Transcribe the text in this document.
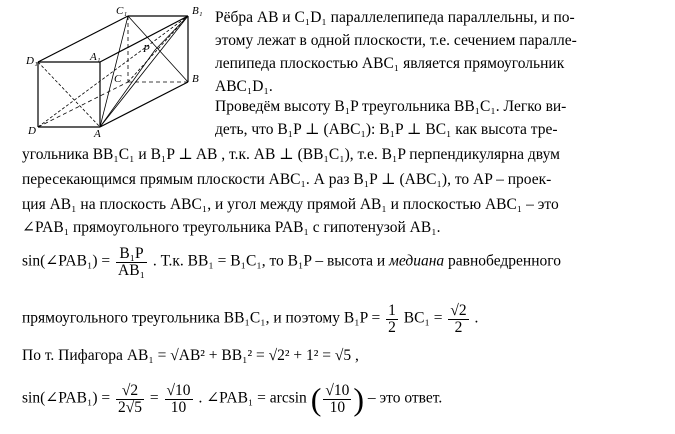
C₁	B₁
D₁	A₁
P
B
C
D	A
Рёбра AB и C₁D₁ параллелепипеда параллельны, и по-
этому лежат в одной плоскости, т.е. сечением паралле-
лепипеда плоскостью ABC₁ является прямоугольник
ABC₁D₁.
Проведём высоту B₁P треугольника BB₁C₁. Легко ви-
деть, что B₁P ⊥ (ABC₁): B₁P ⊥ BC₁ как высота тре-
угольника BB₁C₁ и B₁P ⊥ AB , т.к. AB ⊥ (BB₁C₁), т.е. B₁P перпендикулярна двум
пересекающимся прямым плоскости ABC₁. А раз B₁P ⊥ (ABC₁), то AP – проек-
ция AB₁ на плоскость ABC₁, и угол между прямой AB₁ и плоскостью ABC₁ – это
∠PAB₁ прямоугольного треугольника PAB₁ с гипотенузой AB₁.
sin(∠PAB₁) = $\frac{\text{B₁P}}{\text{AB₁}}$ . Т.к. BB₁ = B₁C₁, то B₁P – высота и медиана равнобедренного
прямоугольного треугольника BB₁C₁, и поэтому $B_1P = \frac{1}{2} BC_1 = \frac{√2}{2}$ .
По т. Пифагора AB₁ = √AB² + BB₁² = √2² + 1² = √5 ,
sin(∠PAB₁) = $\frac{√2}{2√5} = \frac{√10}{10}$ . ∠PAB₁ = arcsin ( $\frac{√10}{10}$ ) – это ответ.
